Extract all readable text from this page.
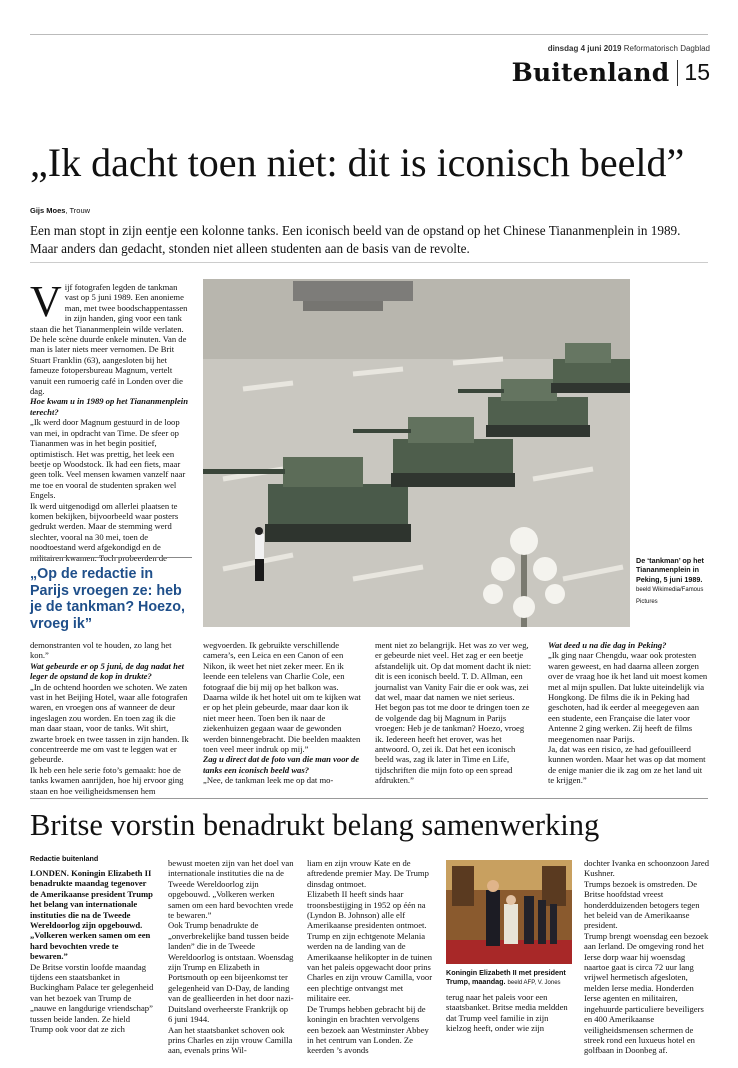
dinsdag 4 juni 2019 Reformatorisch Dagblad
Buitenland 15
„Ik dacht toen niet: dit is iconisch beeld”
Gijs Moes, Trouw
Een man stopt in zijn eentje een kolonne tanks. Een iconisch beeld van de opstand op het Chinese Tiananmenplein in 1989. Maar anders dan gedacht, stonden niet alleen studenten aan de basis van de revolte.

Vijf fotografen legden de tankman vast op 5 juni 1989. Een anonieme man, met twee boodschappentassen in zijn handen, ging voor een tank staan die het Tiananmenplein wilde verlaten. De hele scène duurde enkele minuten. Van de man is later niets meer vernomen. De Brit Stuart Franklin (63), aangesloten bij het fameuze fotopersbureau Magnum, vertelt vanuit een rumoerig café in Londen over die dag.

Hoe kwam u in 1989 op het Tiananmenplein terecht?

„Ik werd door Magnum gestuurd in de loop van mei, in opdracht van Time. De sfeer op Tiananmen was in het begin positief, optimistisch. Het was prettig, het leek een beetje op Woodstock. Ik had een fiets, maar geen tolk. Veel mensen kwamen vanzelf naar me toe en vooral de studenten spraken wel Engels.

Ik werd uitgenodigd om allerlei plaatsen te komen bekijken, bijvoorbeeld waar posters gedrukt werden. Maar de stemming werd slechter, vooral na 30 mei, toen de noodtoestand werd afgekondigd en de

„Op de redactie in Parijs vroegen ze: heb je de tankman? Hoezo, vroeg ik”

demonstranten vol te houden, zo lang het kon.”

Wat gebeurde er op 5 juni, de dag nadat het leger de opstand de kop in drukte?

„In de ochtend hoorden we schoten. We zaten vast in het Beijing Hotel, waar alle fotografen waren, en vroegen ons af wanneer de deur ingeslagen zou worden. En toen zag ik die man daar staan, voor de tanks. Wit shirt, zwarte broek en twee tassen in zijn handen. Ik concentreerde me om vast te leggen wat er gebeurde.

Ik heb een hele serie foto’s gemaakt: hoe de tanks kwamen aanrijden, hoe hij ervoor ging staan en hoe veiligheidsmensen hem

De ‘tankman’ op het Tiananmenplein in Peking, 5 juni 1989. beeld Wikimedia/Famous Pictures

wegvoerden. Ik gebruikte verschillende camera’s, een Leica en een Canon of een Nikon, ik weet het niet zeker meer. En ik leende een telelens van Charlie Cole, een fotograaf die bij mij op het balkon was.

Daarna wilde ik het hotel uit om te kijken wat er op het plein gebeurde, maar daar kon ik niet meer heen. Toen ben ik naar de ziekenhuizen gegaan waar de gewonden werden binnengebracht. Die beelden maakten toen veel meer indruk op mij.”

Zag u direct dat de foto van die man voor de tanks een iconisch beeld was?

„Nee, de tankman leek me op dat mo-

ment niet zo belangrijk. Het was zo ver weg, er gebeurde niet veel. Het zag er een beetje afstandelijk uit. Op dat moment dacht ik niet: dit is een iconisch beeld. T. D. Allman, een journalist van Vanity Fair die er ook was, zei dat wel, maar dat namen we niet serieus.

Het begon pas tot me door te dringen toen ze de volgende dag bij Magnum in Parijs vroegen: Heb je de tankman? Hoezo, vroeg ik. Iedereen heeft het erover, was het antwoord. O, zei ik. Dat het een iconisch beeld was, zag ik later in Time en Life, tijdschriften die mijn foto op een spread afdrukten.”

Wat deed u na die dag in Peking?

„Ik ging naar Chengdu, waar ook protesten waren geweest, en had daarna alleen zorgen over de vraag hoe ik het land uit moest komen met al mijn spullen. Dat lukte uiteindelijk via Hongkong. De films die ik in Peking had geschoten, had ik eerder al meegegeven aan een studente, een Française die later voor Antenne 2 ging werken. Zij heeft de films meegenomen naar Parijs.

Ja, dat was een risico, ze had gefouilleerd kunnen worden. Maar het was op dat moment de enige manier die ik zag om ze het land uit te krijgen.”

Britse vorstin benadrukt belang samenwerking
Redactie buitenland

LONDEN. Koningin Elizabeth II benadrukte maandag tegenover de Amerikaanse president Trump het belang van internationale instituties die na de Tweede Wereldoorlog zijn opgebouwd. „Volkeren werken samen om een hard bevochten vrede te bewaren.”

De Britse vorstin loofde maandag tijdens een staatsbanket in Buckingham Palace ter gelegenheid van het bezoek van Trump de „nauwe en langdurige vriendschap” tussen beide landen. Ze hield Trump ook voor dat ze zich

bewust moeten zijn van het doel van internationale instituties die na de Tweede Wereldoorlog zijn opgebouwd. „Volkeren werken samen om een hard bevochten vrede te bewaren.”

Ook Trump benadrukte de „onverbrekelijke band tussen beide landen” die in de Tweede Wereldoorlog is ontstaan. Woensdag zijn Trump en Elizabeth in Portsmouth op een bijeenkomst ter gelegenheid van D-Day, de landing van de geallieerden in het door nazi-Duitsland overheerste Frankrijk op 6 juni 1944.

Aan het staatsbanket schoven ook prins Charles en zijn vrouw Camilla aan, evenals prins Wil-

liam en zijn vrouw Kate en de aftredende premier May. De Trump dinsdag ontmoet.

Elizabeth II heeft sinds haar troonsbestijging in 1952 op één na (Lyndon B. Johnson) alle elf Amerikaanse presidenten ontmoet. Trump en zijn echtgenote Melania werden na de landing van de Amerikaanse helikopter in de tuinen van het paleis opgewacht door prins Charles en zijn vrouw Camilla, voor een plechtige ontvangst met militaire eer.

De Trumps hebben gebracht bij de koningin en brachten vervolgens een bezoek aan Westminster Abbey in het centrum van Londen. Ze keerden ’s avonds

Koningin Elizabeth II met president Trump, maandag. beeld AFP, V. Jones

terug naar het paleis voor een staatsbanket. Britse media meldden dat Trump veel familie in zijn kielzog heeft, onder wie zijn

dochter Ivanka en schoonzoon Jared Kushner.

Trumps bezoek is omstreden. De Britse hoofdstad vreest honderdduizenden betogers tegen het beleid van de Amerikaanse president.

Trump brengt woensdag een bezoek aan Ierland. De omgeving rond het Ierse dorp waar hij woensdag naartoe gaat is circa 72 uur lang vrijwel hermetisch afgesloten, melden Ierse media. Honderden Ierse agenten en militairen, ingehuurde particuliere beveiligers en 400 Amerikaanse veiligheidsmensen schermen de streek rond een luxueus hotel en golfbaan in Doonbeg af.
